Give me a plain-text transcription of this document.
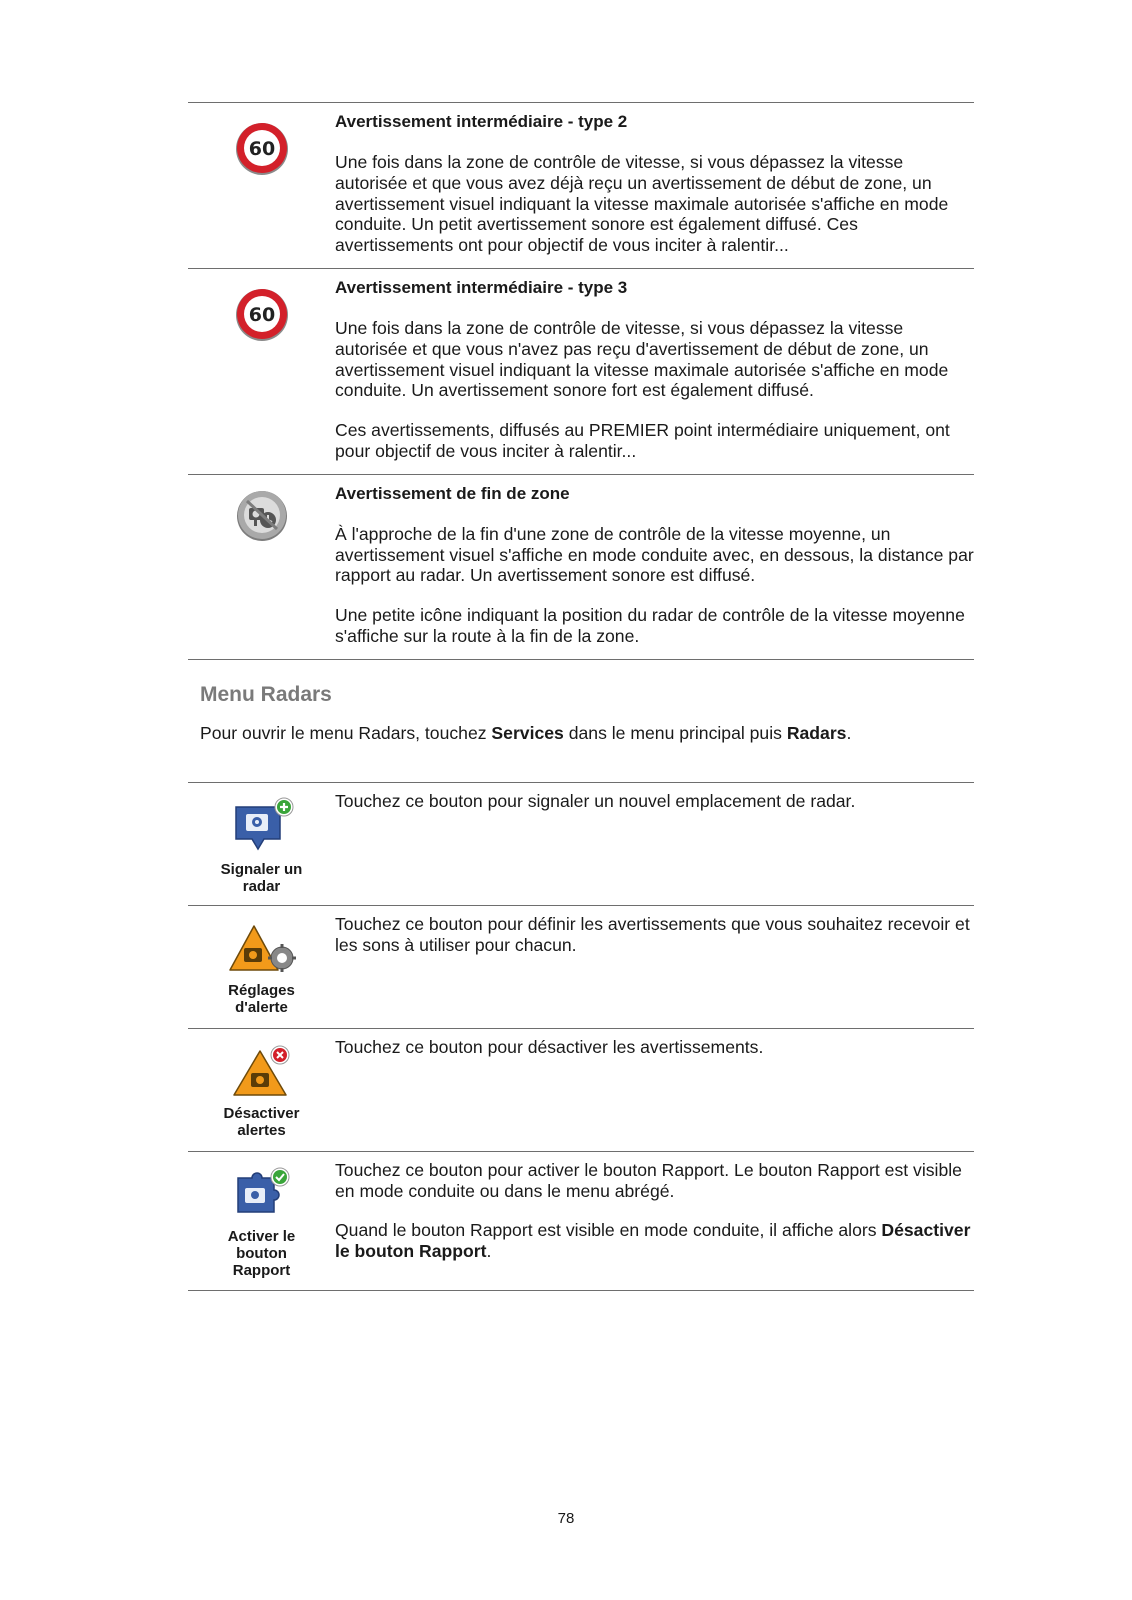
60

Avertissement intermédiaire - type 2

Une fois dans la zone de contrôle de vitesse, si vous dépassez la vitesse autorisée et que vous avez déjà reçu un avertissement de début de zone, un avertissement visuel indiquant la vitesse maximale autorisée s'affiche en mode conduite. Un petit avertissement sonore est également diffusé. Ces avertissements ont pour objectif de vous inciter à ralentir...

60

Avertissement intermédiaire - type 3

Une fois dans la zone de contrôle de vitesse, si vous dépassez la vitesse autorisée et que vous n'avez pas reçu d'avertissement de début de zone, un avertissement visuel indiquant la vitesse maximale autorisée s'affiche en mode conduite. Un avertissement sonore fort est également diffusé.

Ces avertissements, diffusés au PREMIER point intermédiaire uniquement, ont pour objectif de vous inciter à ralentir...

Avertissement de fin de zone

À l'approche de la fin d'une zone de contrôle de la vitesse moyenne, un avertissement visuel s'affiche en mode conduite avec, en dessous, la distance par rapport au radar. Un avertissement sonore est diffusé.

Une petite icône indiquant la position du radar de contrôle de la vitesse moyenne s'affiche sur la route à la fin de la zone.

Menu Radars

Pour ouvrir le menu Radars, touchez Services dans le menu principal puis Radars.

Signaler un radar

Touchez ce bouton pour signaler un nouvel emplacement de radar.

Réglages d'alerte

Touchez ce bouton pour définir les avertissements que vous souhaitez recevoir et les sons à utiliser pour chacun.

Désactiver alertes

Touchez ce bouton pour désactiver les avertissements.

Activer le bouton Rapport

Touchez ce bouton pour activer le bouton Rapport. Le bouton Rapport est visible en mode conduite ou dans le menu abrégé.

Quand le bouton Rapport est visible en mode conduite, il affiche alors Désactiver le bouton Rapport.

78
